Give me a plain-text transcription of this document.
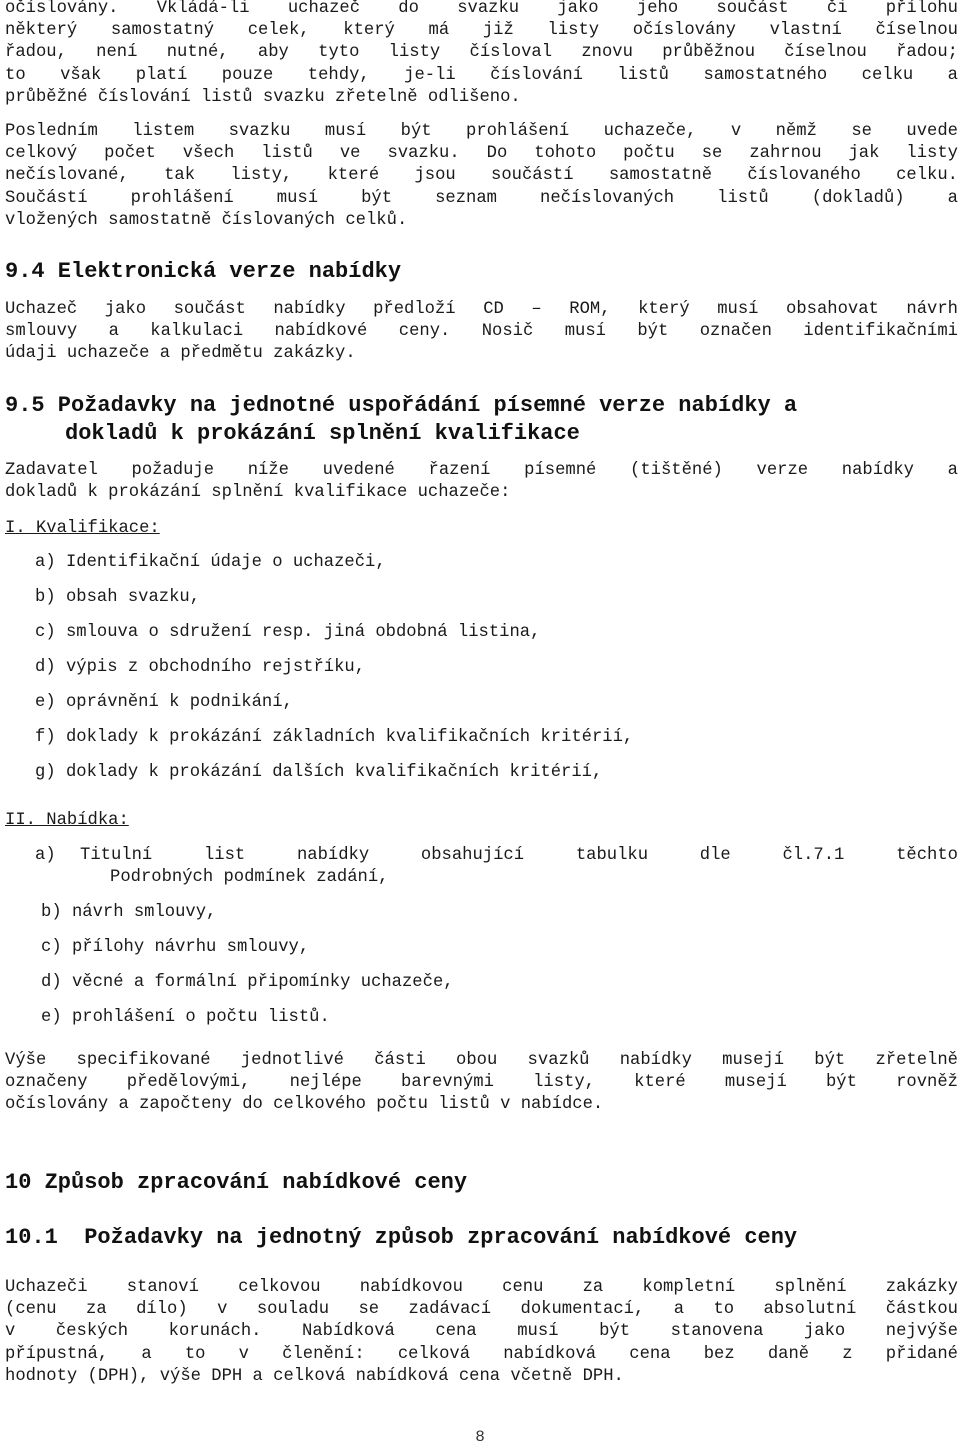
očíslovány. Vkládá-li uchazeč do svazku jako jeho součást či přílohu

některý samostatný celek, který má již listy očíslovány vlastní číselnou

řadou, není nutné, aby tyto listy čísloval znovu průběžnou číselnou řadou;

to však platí pouze tehdy, je-li číslování listů samostatného celku a

průběžné číslování listů svazku zřetelně odlišeno.

Posledním listem svazku musí být prohlášení uchazeče, v němž se uvede

celkový počet všech listů ve svazku. Do tohoto počtu se zahrnou jak listy

nečíslované, tak listy, které jsou součástí samostatně číslovaného celku.

Součástí prohlášení musí být seznam nečíslovaných listů (dokladů) a

vložených samostatně číslovaných celků.

9.4 Elektronická verze nabídky

Uchazeč jako součást nabídky předloží CD – ROM, který musí obsahovat návrh

smlouvy a kalkulaci nabídkové ceny. Nosič musí být označen identifikačními

údaji uchazeče a předmětu zakázky.

9.5 Požadavky na jednotné uspořádání písemné verze nabídky a
dokladů k prokázání splnění kvalifikace

Zadavatel požaduje níže uvedené řazení písemné (tištěné) verze nabídky a

dokladů k prokázání splnění kvalifikace uchazeče:

I. Kvalifikace:

a) Identifikační údaje o uchazeči,
b) obsah svazku,
c) smlouva o sdružení resp. jiná obdobná listina,
d) výpis z obchodního rejstříku,
e) oprávnění k podnikání,
f) doklady k prokázání základních kvalifikačních kritérií,
g) doklady k prokázání dalších kvalifikačních kritérií,

II. Nabídka:

a)	Titulní list nabídky obsahující tabulku dle čl.7.1 těchto
Podrobných podmínek zadání,
b) návrh smlouvy,
c) přílohy návrhu smlouvy,
d) věcné a formální připomínky uchazeče,
e) prohlášení o počtu listů.

Výše specifikované jednotlivé části obou svazků nabídky musejí být zřetelně

označeny předělovými, nejlépe barevnými listy, které musejí být rovněž

očíslovány a započteny do celkového počtu listů v nabídce.

10 Způsob zpracování nabídkové ceny
10.1  Požadavky na jednotný způsob zpracování nabídkové ceny

Uchazeči stanoví celkovou nabídkovou cenu za kompletní splnění zakázky

(cenu za dílo) v souladu se zadávací dokumentací, a to absolutní částkou

v českých korunách. Nabídková cena musí být stanovena jako nejvýše

přípustná, a to v členění: celková nabídková cena bez daně z přidané

hodnoty (DPH), výše DPH a celková nabídková cena včetně DPH.

8
